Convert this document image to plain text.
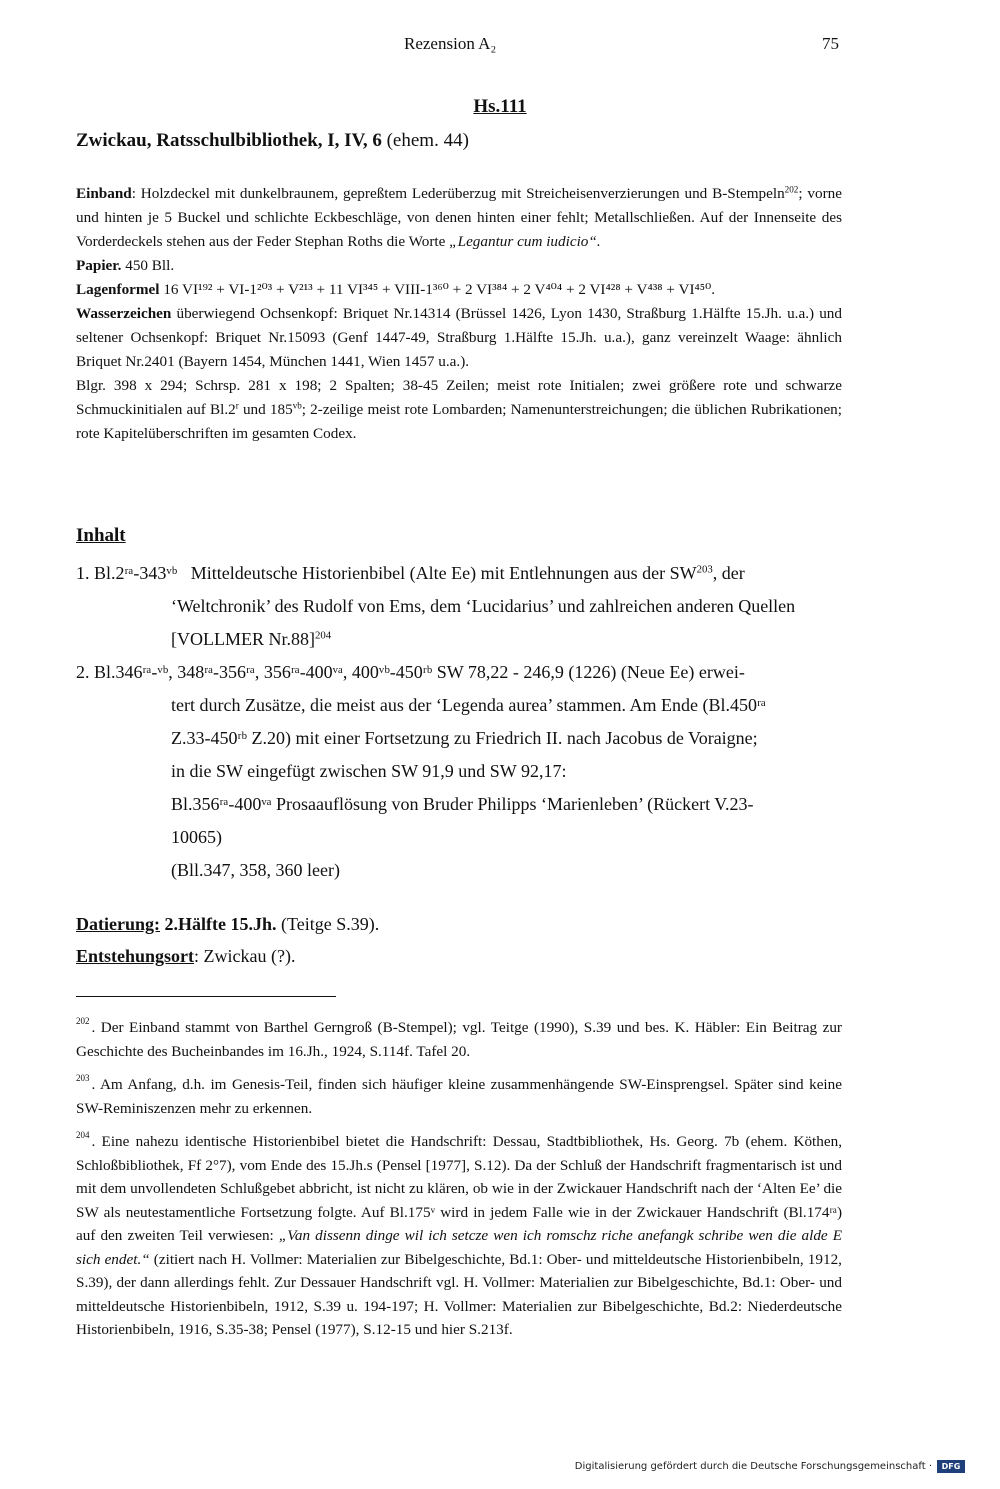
Rezension A₂	75
Hs.111
Zwickau, Ratsschulbibliothek, I, IV, 6 (ehem. 44)

Einband: Holzdeckel mit dunkelbraunem, gepreßtem Lederüberzug mit Streicheisenverzierungen und B-Stempeln$^{202}$; vorne und hinten je 5 Buckel und schlichte Eckbeschläge, von denen hinten einer fehlt; Metallschließen. Auf der Innenseite des Vorderdeckels stehen aus der Feder Stephan Roths die Worte „Legantur cum iudicio“.

Papier. 450 Bll.

Lagenformel 16 VI¹⁹² + VI-1²⁰³ + V²¹³ + 11 VI³⁴⁵ + VIII-1³⁶⁰ + 2 VI³⁸⁴ + 2 V⁴⁰⁴ + 2 VI⁴²⁸ + V⁴³⁸ + VI⁴⁵⁰.

Wasserzeichen überwiegend Ochsenkopf: Briquet Nr.14314 (Brüssel 1426, Lyon 1430, Straßburg 1.Hälfte 15.Jh. u.a.) und seltener Ochsenkopf: Briquet Nr.15093 (Genf 1447-49, Straßburg 1.Hälfte 15.Jh. u.a.), ganz vereinzelt Waage: ähnlich Briquet Nr.2401 (Bayern 1454, München 1441, Wien 1457 u.a.).

Blgr. 398 x 294; Schrsp. 281 x 198; 2 Spalten; 38-45 Zeilen; meist rote Initialen; zwei größere rote und schwarze Schmuckinitialen auf Bl.2$^r$ und $185^{vb}$; 2-zeilige meist rote Lombarden; Namenunterstreichungen; die üblichen Rubrikationen; rote Kapitelüberschriften im gesamten Codex.

Inhalt
1. Bl.2ʳᵃ-343ᵛᵇ Mitteldeutsche Historienbibel (Alte Ee) mit Entlehnungen aus der SW$^{203}$, der
‘Weltchronik’ des Rudolf von Ems, dem ‘Lucidarius’ und zahlreichen anderen Quellen
[VOLLMER Nr.88]$^{204}$
2. Bl.346ʳᵃ-ᵛᵇ, 348ʳᵃ-356ʳᵃ, 356ʳᵃ-400ᵛᵃ, 400ᵛᵇ-450ʳᵇ SW 78,22 - 246,9 (1226) (Neue Ee) erwei-
tert durch Zusätze, die meist aus der ‘Legenda aurea’ stammen. Am Ende (Bl.450ʳᵃ
Z.33-450ʳᵇ Z.20) mit einer Fortsetzung zu Friedrich II. nach Jacobus de Voraigne;
in die SW eingefügt zwischen SW 91,9 und SW 92,17:
Bl.356ʳᵃ-400ᵛᵃ Prosaauflösung von Bruder Philipps ‘Marienleben’ (Rückert V.23-
10065)
(Bll.347, 358, 360 leer)
Datierung: 2.Hälfte 15.Jh. (Teitge S.39).
Entstehungsort: Zwickau (?).
$^{202}$ . Der Einband stammt von Barthel Gerngroß (B-Stempel); vgl. Teitge (1990), S.39 und bes. K. Häbler: Ein Beitrag zur Geschichte des Bucheinbandes im 16.Jh., 1924, S.114f. Tafel 20.
$^{203}$ . Am Anfang, d.h. im Genesis-Teil, finden sich häufiger kleine zusammenhängende SW-Einsprengsel. Später sind keine SW-Reminiszenzen mehr zu erkennen.
$^{204}$ . Eine nahezu identische Historienbibel bietet die Handschrift: Dessau, Stadtbibliothek, Hs. Georg. 7b (ehem. Köthen, Schloßbibliothek, Ff 2°7), vom Ende des 15.Jh.s (Pensel [1977], S.12). Da der Schluß der Handschrift fragmentarisch ist und mit dem unvollendeten Schlußgebet abbricht, ist nicht zu klären, ob wie in der Zwickauer Handschrift nach der ‘Alten Ee’ die SW als neutestamentliche Fortsetzung folgte. Auf Bl.175ᵛ wird in jedem Falle wie in der Zwickauer Handschrift (Bl.174ʳᵃ) auf den zweiten Teil verwiesen: „Van dissenn dinge wil ich setcze wen ich romschz riche anefangk schribe wen die alde E sich endet.“ (zitiert nach H. Vollmer: Materialien zur Bibelgeschichte, Bd.1: Ober- und mitteldeutsche Historienbibeln, 1912, S.39), der dann allerdings fehlt. Zur Dessauer Handschrift vgl. H. Vollmer: Materialien zur Bibelgeschichte, Bd.1: Ober- und mitteldeutsche Historienbibeln, 1912, S.39 u. 194-197; H. Vollmer: Materialien zur Bibelgeschichte, Bd.2: Niederdeutsche Historienbibeln, 1916, S.35-38; Pensel (1977), S.12-15 und hier S.213f.
Digitalisierung gefördert durch die Deutsche Forschungsgemeinschaft ·	DFG
